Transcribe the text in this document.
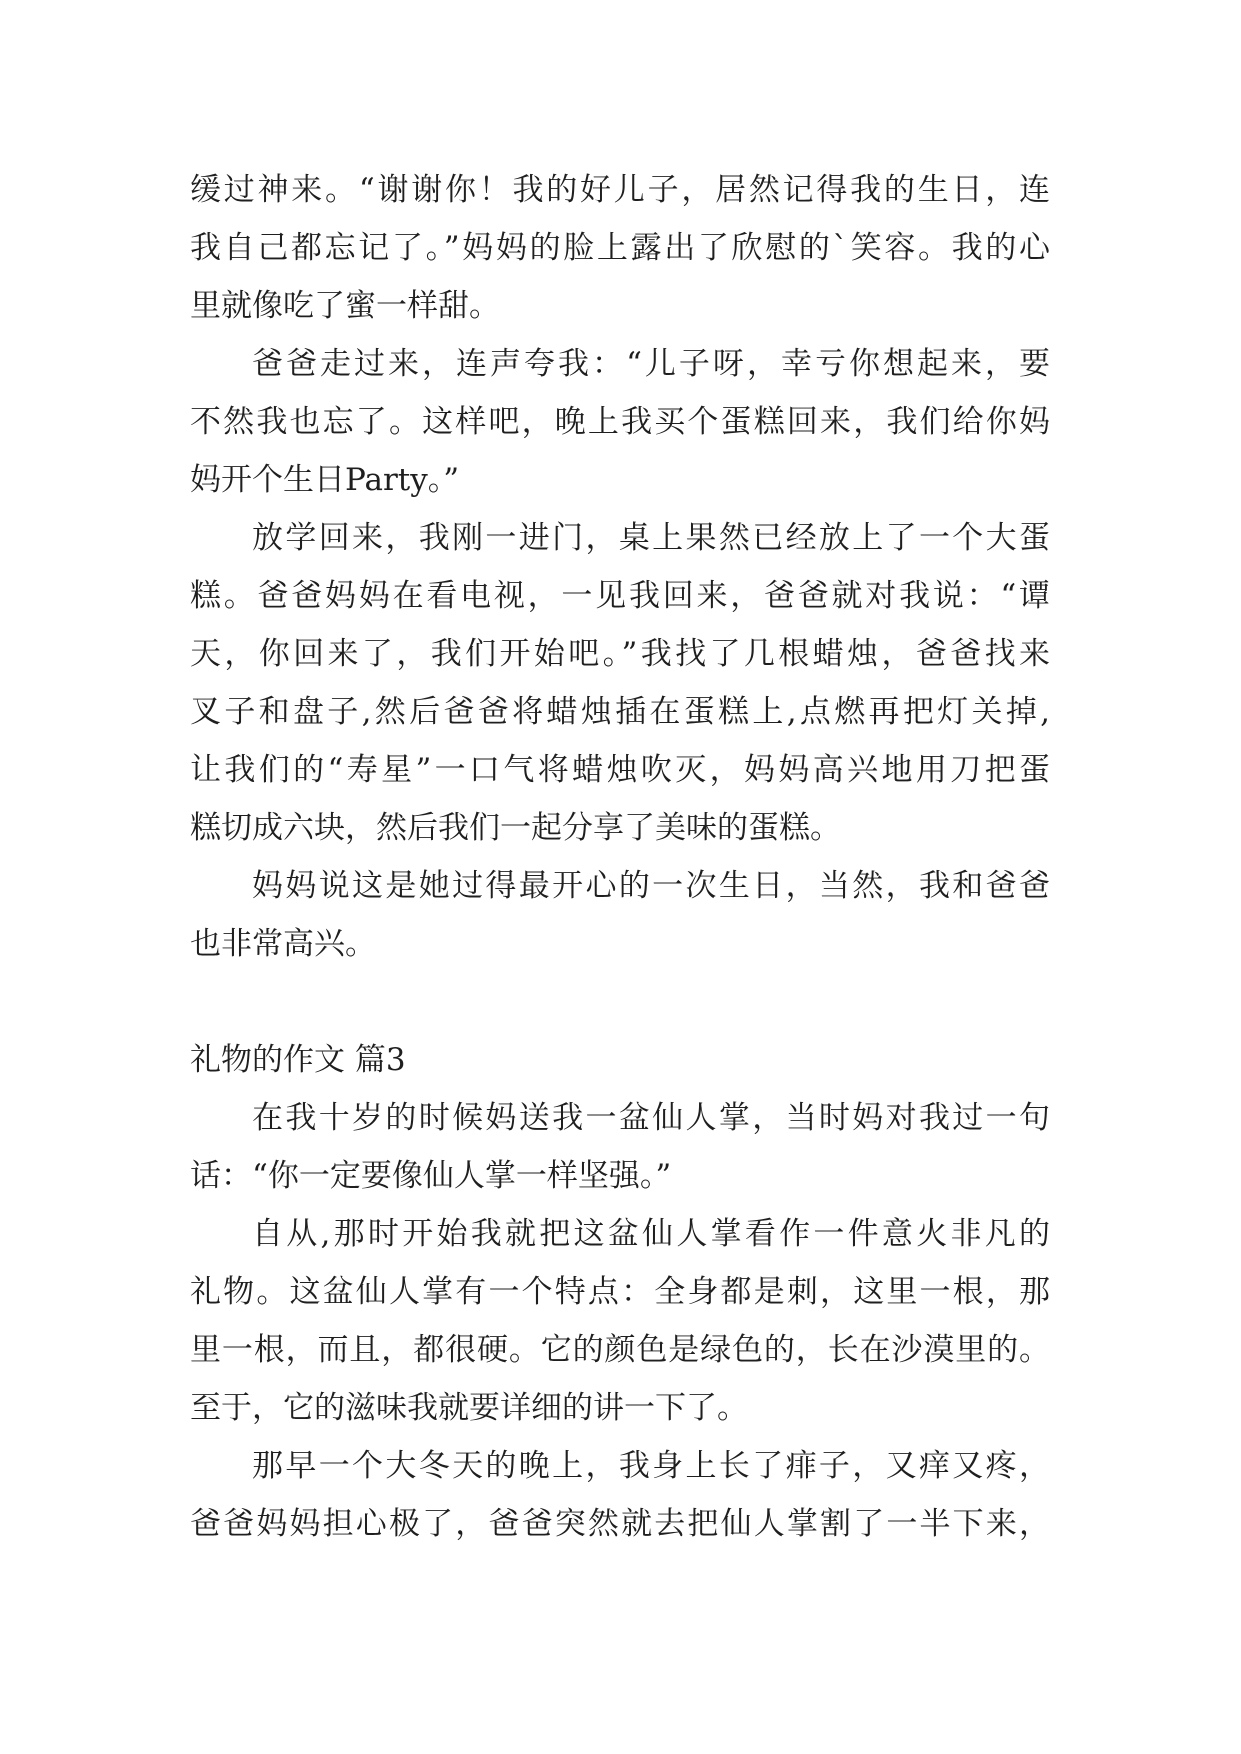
缓过神来。“谢谢你！我的好儿子，居然记得我的生日，连

我自己都忘记了。”妈妈的脸上露出了欣慰的`笑容。我的心

里就像吃了蜜一样甜。

爸爸走过来，连声夸我：“儿子呀，幸亏你想起来，要

不然我也忘了。这样吧，晚上我买个蛋糕回来，我们给你妈

妈开个生日Party。”

放学回来，我刚一进门，桌上果然已经放上了一个大蛋

糕。爸爸妈妈在看电视，一见我回来，爸爸就对我说：“谭

天，你回来了，我们开始吧。”我找了几根蜡烛，爸爸找来

叉子和盘子,然后爸爸将蜡烛插在蛋糕上,点燃再把灯关掉,

让我们的“寿星”一口气将蜡烛吹灭，妈妈高兴地用刀把蛋

糕切成六块，然后我们一起分享了美味的蛋糕。

妈妈说这是她过得最开心的一次生日，当然，我和爸爸

也非常高兴。

礼物的作文 篇3

在我十岁的时候妈送我一盆仙人掌，当时妈对我过一句

话：“你一定要像仙人掌一样坚强。”

自从,那时开始我就把这盆仙人掌看作一件意火非凡的

礼物。这盆仙人掌有一个特点：全身都是刺，这里一根，那

里一根，而且，都很硬。它的颜色是绿色的，长在沙漠里的。

至于，它的滋味我就要详细的讲一下了。

那早一个大冬天的晚上，我身上长了痱子，又痒又疼，

爸爸妈妈担心极了，爸爸突然就去把仙人掌割了一半下来，
